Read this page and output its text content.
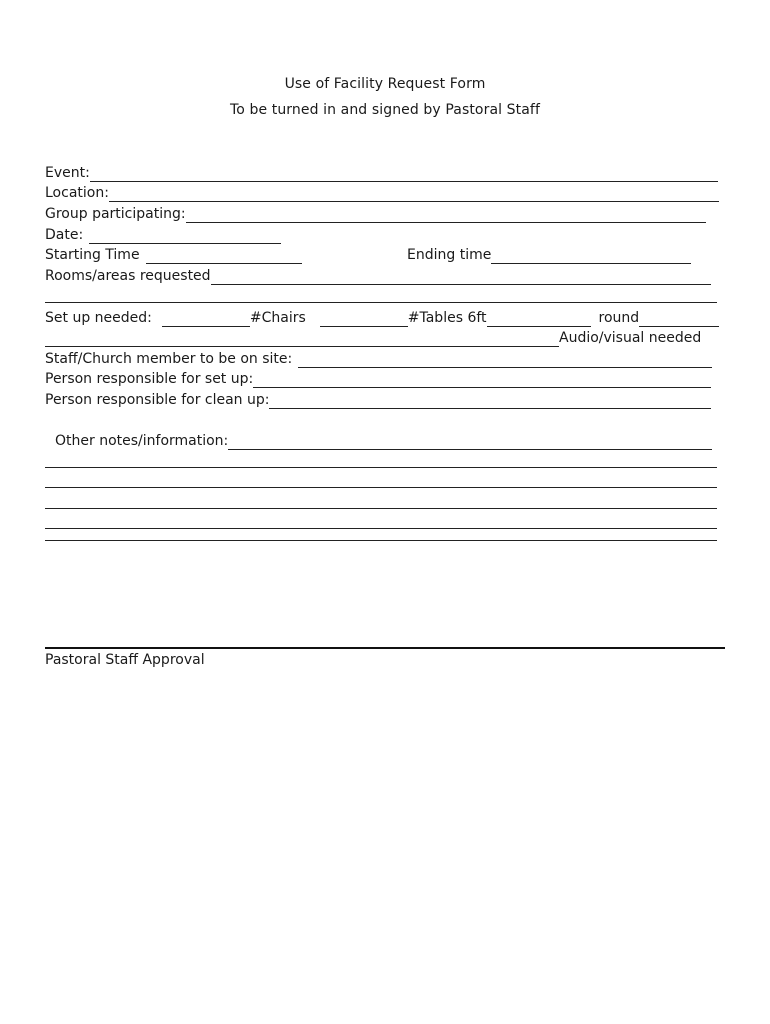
Use of Facility Request Form
To be turned in and signed by Pastoral Staff
Event:
Location:
Group participating:
Date:
Starting Time	Ending time
Rooms/areas requested
Set up needed:	#Chairs	#Tables 6ft	round
Audio/visual needed
Staff/Church member to be on site:
Person responsible for set up:
Person responsible for clean up:
Other notes/information:
Pastoral Staff Approval
